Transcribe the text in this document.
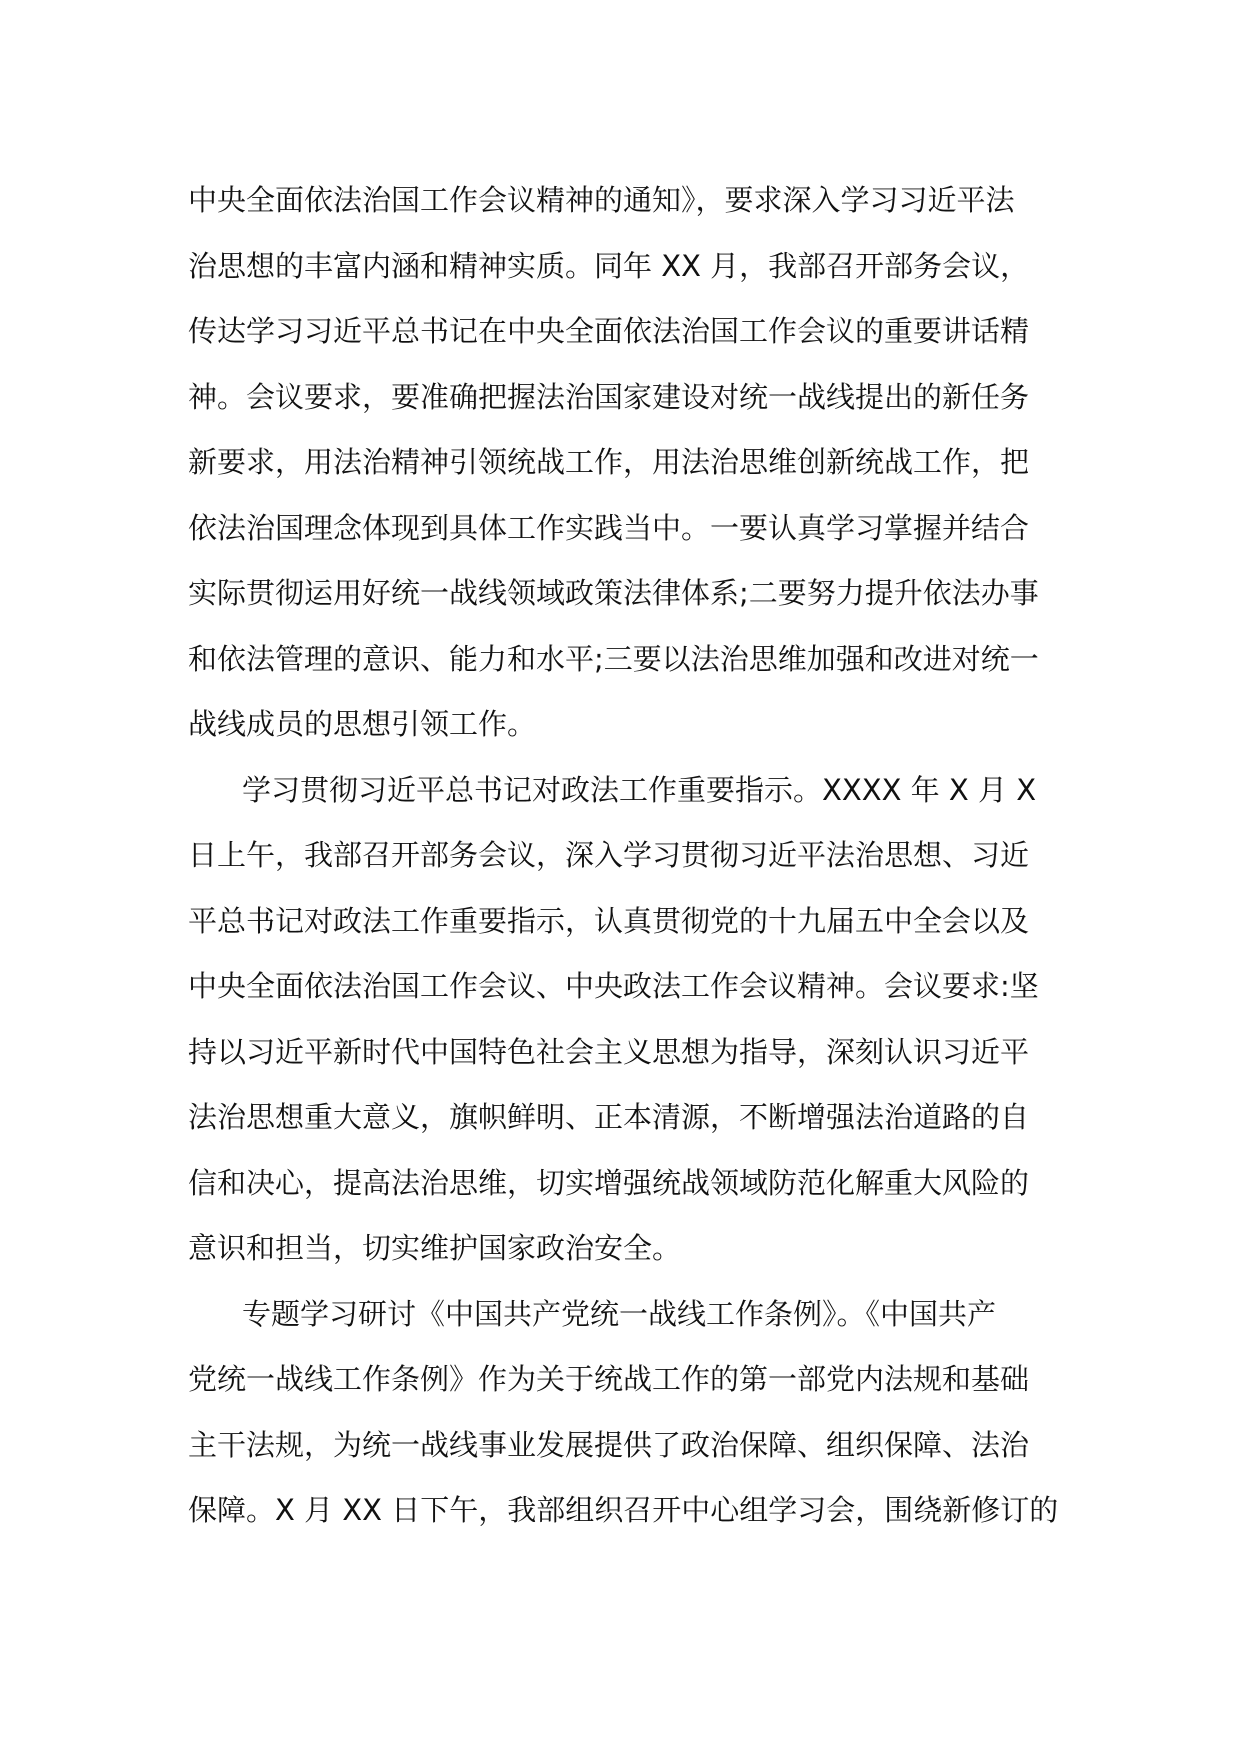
中央全面依法治国工作会议精神的通知》，要求深入学习习近平法
治思想的丰富内涵和精神实质。同年 XX 月，我部召开部务会议，
传达学习习近平总书记在中央全面依法治国工作会议的重要讲话精
神。会议要求，要准确把握法治国家建设对统一战线提出的新任务
新要求，用法治精神引领统战工作，用法治思维创新统战工作，把
依法治国理念体现到具体工作实践当中。一要认真学习掌握并结合
实际贯彻运用好统一战线领域政策法律体系;二要努力提升依法办事
和依法管理的意识、能力和水平;三要以法治思维加强和改进对统一
战线成员的思想引领工作。
学习贯彻习近平总书记对政法工作重要指示。XXXX 年 X 月 X
日上午，我部召开部务会议，深入学习贯彻习近平法治思想、习近
平总书记对政法工作重要指示，认真贯彻党的十九届五中全会以及
中央全面依法治国工作会议、中央政法工作会议精神。会议要求:坚
持以习近平新时代中国特色社会主义思想为指导，深刻认识习近平
法治思想重大意义，旗帜鲜明、正本清源，不断增强法治道路的自
信和决心，提高法治思维，切实增强统战领域防范化解重大风险的
意识和担当，切实维护国家政治安全。
专题学习研讨《中国共产党统一战线工作条例》。《中国共产
党统一战线工作条例》作为关于统战工作的第一部党内法规和基础
主干法规，为统一战线事业发展提供了政治保障、组织保障、法治
保障。X 月 XX 日下午，我部组织召开中心组学习会，围绕新修订的
